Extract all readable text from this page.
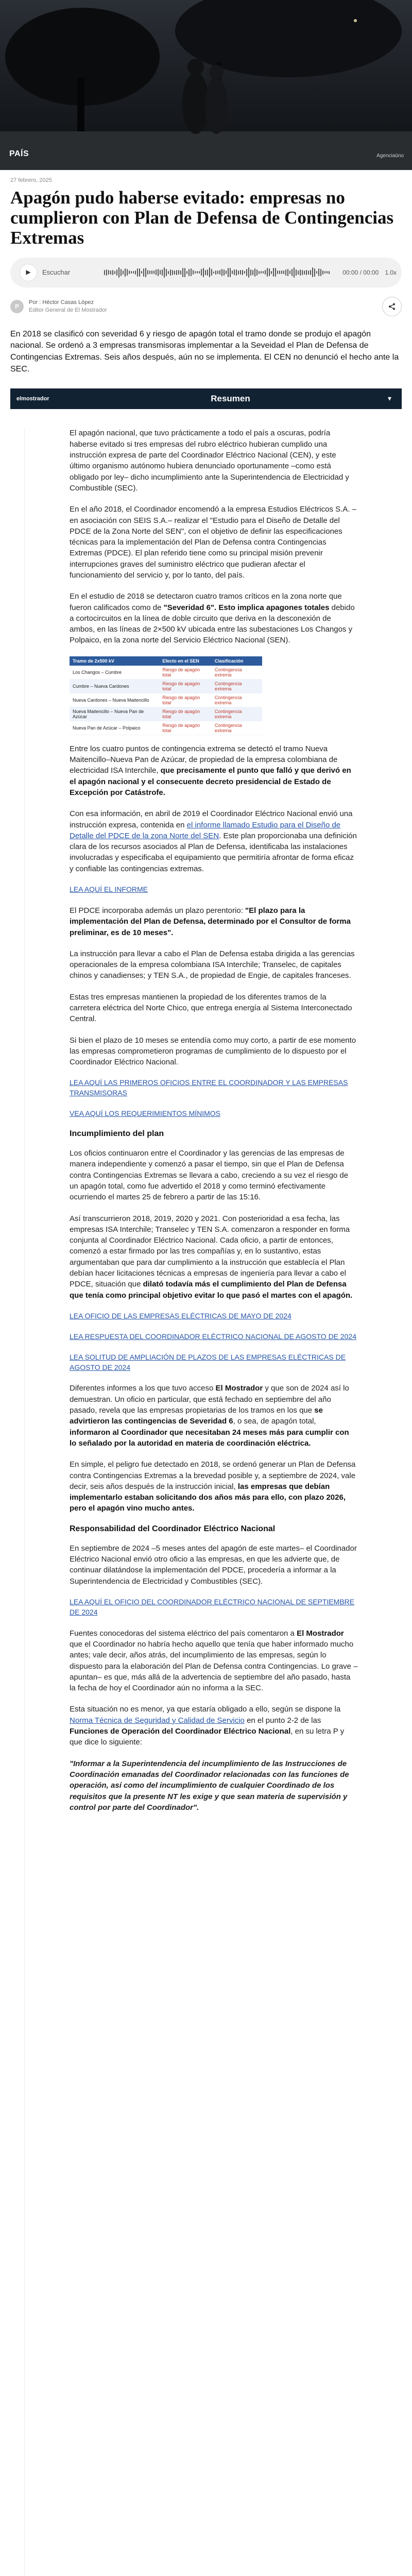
PAÍS	Agenciaüno
27 febrero, 2025
Apagón pudo haberse evitado: empresas no cumplieron con Plan de Defensa de Contingencias Extremas
▶	Escuchar	00:00 / 00:00 1.0x
P
Por : Héctor Casas López
Editor General de El Mostrador

En 2018 se clasificó con severidad 6 y riesgo de apagón total el tramo donde se produjo el apagón nacional. Se ordenó a 3 empresas transmisoras implementar a la Seveidad el Plan de Defensa de Contingencias Extremas. Seis años después, aún no se implementa. El CEN no denunció el hecho ante la SEC.

elmostrador	Resumen	▾

El apagón nacional, que tuvo prácticamente a todo el país a oscuras, podría haberse evitado si tres empresas del rubro eléctrico hubieran cumplido una instrucción expresa de parte del Coordinador Eléctrico Nacional (CEN), y este último organismo autónomo hubiera denunciado oportunamente –como está obligado por ley– dicho incumplimiento ante la Superintendencia de Electricidad y Combustible (SEC).

En el año 2018, el Coordinador encomendó a la empresa Estudios Eléctricos S.A. –en asociación con SEIS S.A.– realizar el "Estudio para el Diseño de Detalle del PDCE de la Zona Norte del SEN", con el objetivo de definir las especificaciones técnicas para la implementación del Plan de Defensa contra Contingencias Extremas (PDCE). El plan referido tiene como su principal misión prevenir interrupciones graves del suministro eléctrico que pudieran afectar el funcionamiento del servicio y, por lo tanto, del país.

En el estudio de 2018 se detectaron cuatro tramos críticos en la zona norte que fueron calificados como de "Severidad 6". Esto implica apagones totales debido a cortocircuitos en la línea de doble circuito que deriva en la desconexión de ambos, en las líneas de 2×500 kV ubicada entre las subestaciones Los Changos y Polpaico, en la zona norte del Servicio Eléctrico Nacional (SEN).

Tramo de 2x500 kV	Efecto en el SEN	Clasificación
Los Changos – Cumbre	Riesgo de apagón total	Contingencia extrema
Cumbre – Nueva Cardones	Riesgo de apagón total	Contingencia extrema
Nueva Cardones – Nueva Maitencillo	Riesgo de apagón total	Contingencia extrema
Nueva Maitencillo – Nueva Pan de Azúcar	Riesgo de apagón total	Contingencia extrema
Nueva Pan de Azúcar – Polpaico	Riesgo de apagón total	Contingencia extrema

Entre los cuatro puntos de contingencia extrema se detectó el tramo Nueva Maitencillo–Nueva Pan de Azúcar, de propiedad de la empresa colombiana de electricidad ISA Interchile, que precisamente el punto que falló y que derivó en el apagón nacional y el consecuente decreto presidencial de Estado de Excepción por Catástrofe.

Con esa información, en abril de 2019 el Coordinador Eléctrico Nacional envió una instrucción expresa, contenida en el informe llamado Estudio para el Diseño de Detalle del PDCE de la zona Norte del SEN. Este plan proporcionaba una definición clara de los recursos asociados al Plan de Defensa, identificaba las instalaciones involucradas y especificaba el equipamiento que permitiría afrontar de forma eficaz y confiable las contingencias extremas.

LEA AQUÍ EL INFORME

El PDCE incorporaba además un plazo perentorio: "El plazo para la implementación del Plan de Defensa, determinado por el Consultor de forma preliminar, es de 10 meses".

La instrucción para llevar a cabo el Plan de Defensa estaba dirigida a las gerencias operacionales de la empresa colombiana ISA Interchile; Transelec, de capitales chinos y canadienses; y TEN S.A., de propiedad de Engie, de capitales franceses.

Estas tres empresas mantienen la propiedad de los diferentes tramos de la carretera eléctrica del Norte Chico, que entrega energía al Sistema Interconectado Central.

Si bien el plazo de 10 meses se entendía como muy corto, a partir de ese momento las empresas comprometieron programas de cumplimiento de lo dispuesto por el Coordinador Eléctrico Nacional.

LEA AQUÍ LAS PRIMEROS OFICIOS ENTRE EL COORDINADOR Y LAS EMPRESAS TRANSMISORAS
VEA AQUÍ LOS REQUERIMIENTOS MÍNIMOS
Incumplimiento del plan

Los oficios continuaron entre el Coordinador y las gerencias de las empresas de manera independiente y comenzó a pasar el tiempo, sin que el Plan de Defensa contra Contingencias Extremas se llevara a cabo, creciendo a su vez el riesgo de un apagón total, como fue advertido el 2018 y como terminó efectivamente ocurriendo el martes 25 de febrero a partir de las 15:16.

Así transcurrieron 2018, 2019, 2020 y 2021. Con posterioridad a esa fecha, las empresas ISA Interchile; Transelec y TEN S.A. comenzaron a responder en forma conjunta al Coordinador Eléctrico Nacional. Cada oficio, a partir de entonces, comenzó a estar firmado por las tres compañías y, en lo sustantivo, estas argumentaban que para dar cumplimiento a la instrucción que establecía el Plan debían hacer licitaciones técnicas a empresas de ingeniería para llevar a cabo el PDCE, situación que dilató todavía más el cumplimiento del Plan de Defensa que tenía como principal objetivo evitar lo que pasó el martes con el apagón.

LEA OFICIO DE LAS EMPRESAS ELÉCTRICAS DE MAYO DE 2024
LEA RESPUESTA DEL COORDINADOR ELÉCTRICO NACIONAL DE AGOSTO DE 2024
LEA SOLITUD DE AMPLIACIÓN DE PLAZOS DE LAS EMPRESAS ELÉCTRICAS DE AGOSTO DE 2024

Diferentes informes a los que tuvo acceso El Mostrador y que son de 2024 así lo demuestran. Un oficio en particular, que está fechado en septiembre del año pasado, revela que las empresas propietarias de los tramos en los que se advirtieron las contingencias de Severidad 6, o sea, de apagón total, informaron al Coordinador que necesitaban 24 meses más para cumplir con lo señalado por la autoridad en materia de coordinación eléctrica.

En simple, el peligro fue detectado en 2018, se ordenó generar un Plan de Defensa contra Contingencias Extremas a la brevedad posible y, a septiembre de 2024, vale decir, seis años después de la instrucción inicial, las empresas que debían implementarlo estaban solicitando dos años más para ello, con plazo 2026, pero el apagón vino mucho antes.

Responsabilidad del Coordinador Eléctrico Nacional

En septiembre de 2024 –5 meses antes del apagón de este martes– el Coordinador Eléctrico Nacional envió otro oficio a las empresas, en que les advierte que, de continuar dilatándose la implementación del PDCE, procedería a informar a la Superintendencia de Electricidad y Combustibles (SEC).

LEA AQUÍ EL OFICIO DEL COORDINADOR ELÉCTRICO NACIONAL DE SEPTIEMBRE DE 2024

Fuentes conocedoras del sistema eléctrico del país comentaron a El Mostrador que el Coordinador no habría hecho aquello que tenía que haber informado mucho antes; vale decir, años atrás, del incumplimiento de las empresas, según lo dispuesto para la elaboración del Plan de Defensa contra Contingencias. Lo grave –apuntan– es que, más allá de la advertencia de septiembre del año pasado, hasta la fecha de hoy el Coordinador aún no informa a la SEC.

Esta situación no es menor, ya que estaría obligado a ello, según se dispone la Norma Técnica de Seguridad y Calidad de Servicio en el punto 2-2 de las Funciones de Operación del Coordinador Eléctrico Nacional, en su letra P y que dice lo siguiente:

"Informar a la Superintendencia del incumplimiento de las Instrucciones de Coordinación emanadas del Coordinador relacionadas con las funciones de operación, así como del incumplimiento de cualquier Coordinado de los requisitos que la presente NT les exige y que sean materia de supervisión y control por parte del Coordinador".
